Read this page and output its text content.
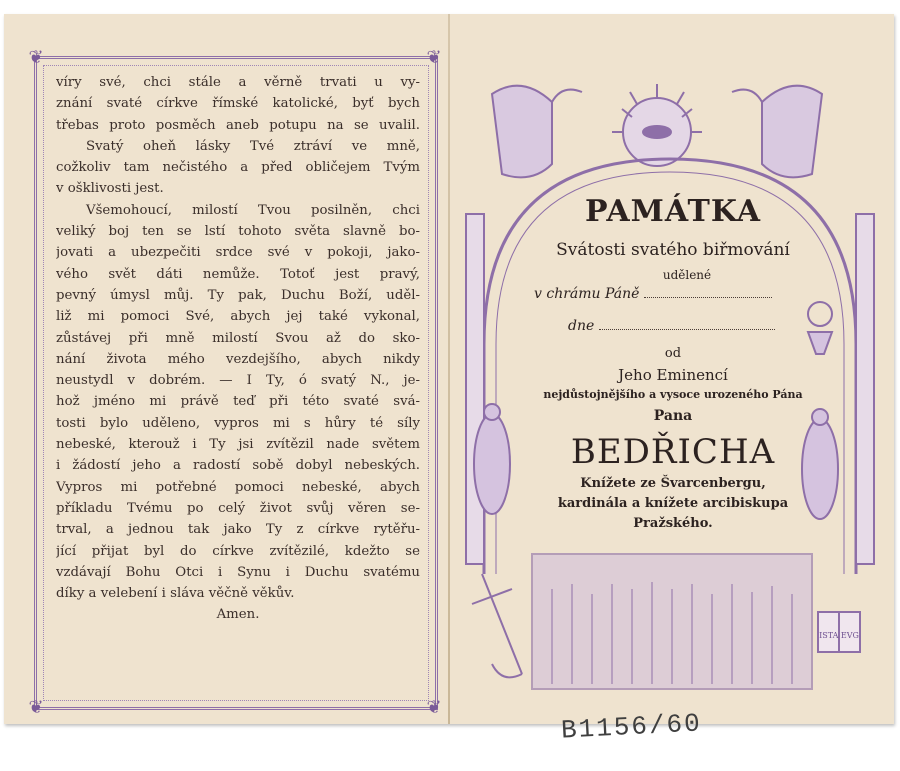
❦	❦
❦	❦
víry své, chci stále a věrně trvati u vy-
znání svaté církve římské katolické, byť bych
třebas proto posměch aneb potupu na se uvalil.
Svatý oheň lásky Tvé ztráví ve mně,
cožkoliv tam nečistého a před obličejem Tvým
v ošklivosti jest.
Všemohoucí, milostí Tvou posilněn, chci
veliký boj ten se lstí tohoto světa slavně bo-
jovati a ubezpečiti srdce své v pokoji, jako-
vého svět dáti nemůže. Totoť jest pravý,
pevný úmysl můj. Ty pak, Duchu Boží, uděl-
liž mi pomoci Své, abych jej také vykonal,
zůstávej při mně milostí Svou až do sko-
nání života mého vezdejšího, abych nikdy
neustydl v dobrém. — I Ty, ó svatý N., je-
hož jméno mi právě teď při této svaté svá-
tosti bylo uděleno, vypros mi s hůry té síly
nebeské, kterouž i Ty jsi zvítězil nade světem
i žádostí jeho a radostí sobě dobyl nebeských.
Vypros mi potřebné pomoci nebeské, abych
příkladu Tvému po celý život svůj věren se-
trval, a jednou tak jako Ty z církve rytěřu-
jící přijat byl do církve zvítězilé, kdežto se
vzdávají Bohu Otci i Synu i Duchu svatému
díky a velebení i sláva věčně věkův.
Amen.
ISTA EVG
PAMÁTKA
Svátosti svatého biřmování
udělené
v chrámu Páně
dne
od
Jeho Eminencí
nejdůstojnějšího a vysoce urozeného Pána
Pana
BEDŘICHA
Knížete ze Švarcenbergu,
kardinála a knížete arcibiskupa
Pražského.
B1156/60
